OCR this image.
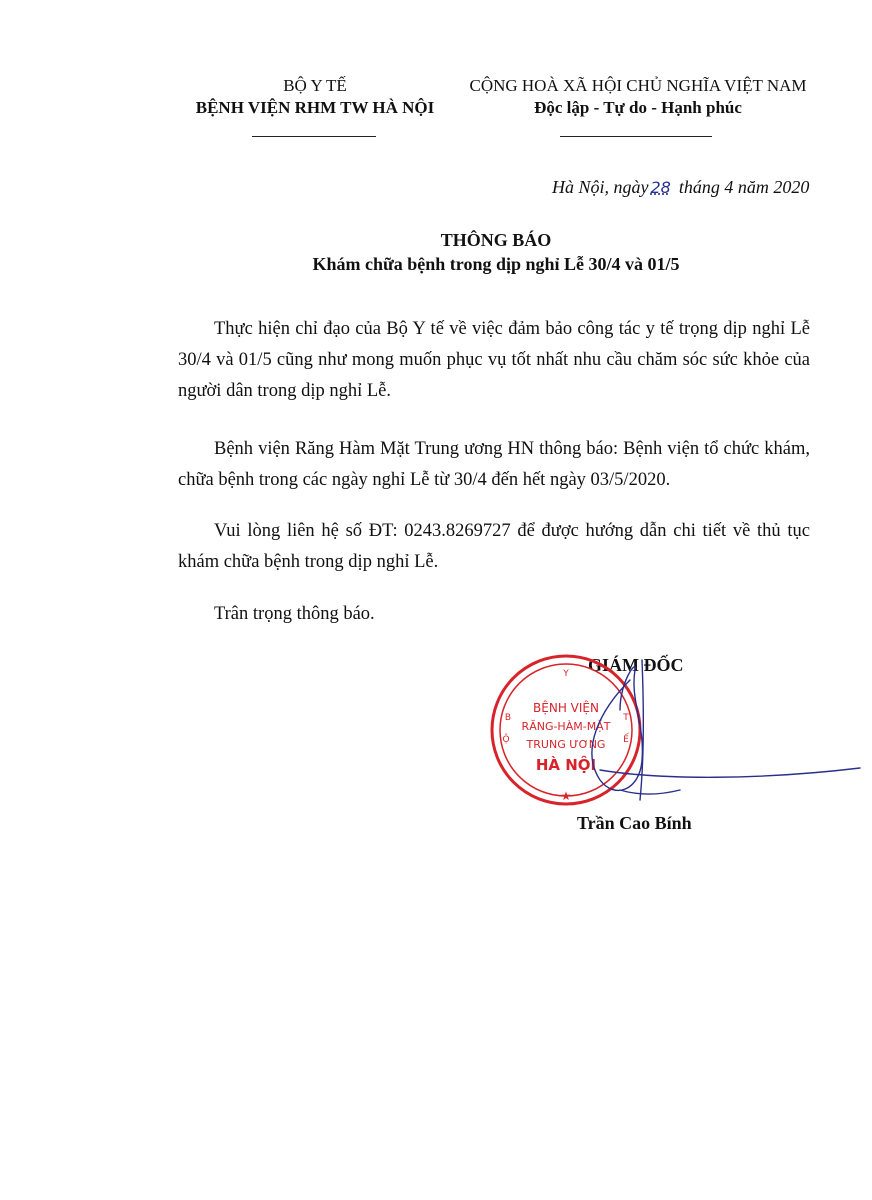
BỘ Y TẾ
BỆNH VIỆN RHM TW HÀ NỘI
CỘNG HOÀ XÃ HỘI CHỦ NGHĨA VIỆT NAM
Độc lập - Tự do - Hạnh phúc
Hà Nội, ngày 28 tháng 4 năm 2020
THÔNG BÁO
Khám chữa bệnh trong dịp nghỉ Lễ 30/4 và 01/5
Thực hiện chỉ đạo của Bộ Y tế về việc đảm bảo công tác y tế trọng dịp nghỉ Lễ 30/4 và 01/5 cũng như mong muốn phục vụ tốt nhất nhu cầu chăm sóc sức khỏe của người dân trong dịp nghỉ Lễ.
Bệnh viện Răng Hàm Mặt Trung ương HN thông báo: Bệnh viện tổ chức khám, chữa bệnh trong các ngày nghỉ Lễ từ 30/4 đến hết ngày 03/5/2020.
Vui lòng liên hệ số ĐT: 0243.8269727 để được hướng dẫn chi tiết về thủ tục khám chữa bệnh trong dịp nghỉ Lễ.
Trân trọng thông báo.
GIÁM ĐỐC
Y
B
Ộ
T
Ế
BỆNH VIỆN
RĂNG-HÀM-MẶT
TRUNG ƯƠNG
HÀ NỘI
★
Trần Cao Bính
